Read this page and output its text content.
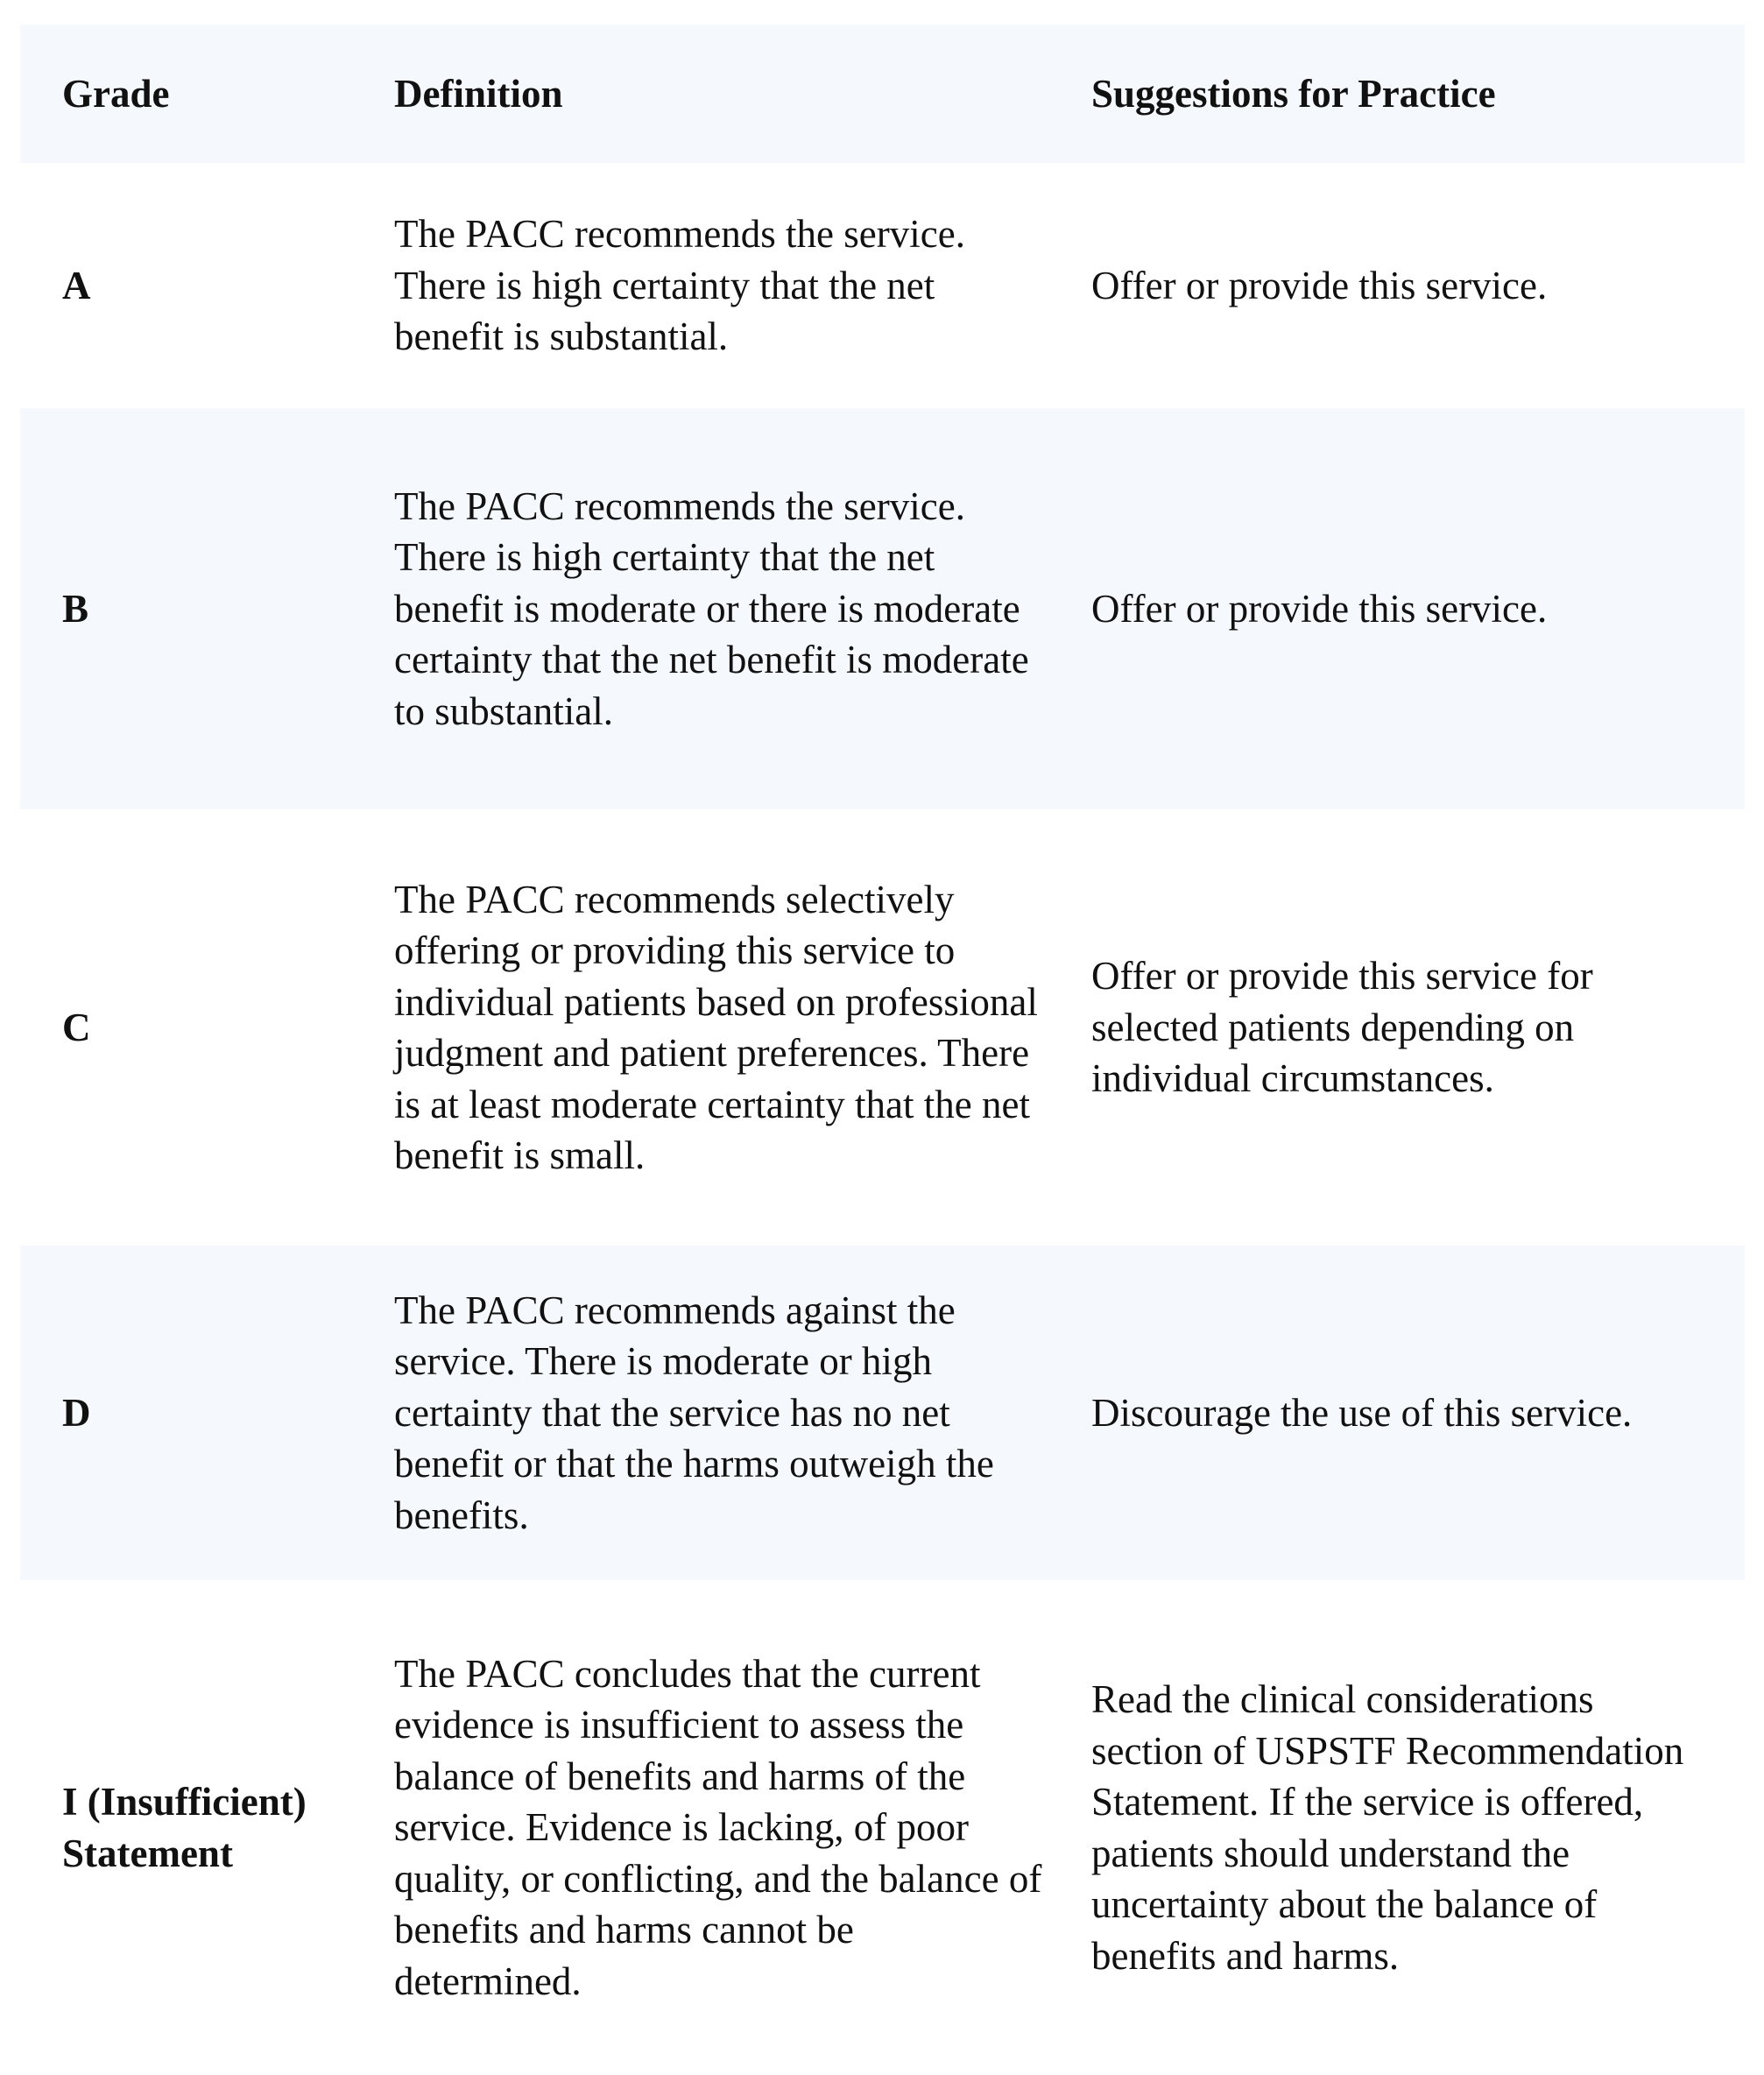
Grade	Definition	Suggestions for Practice
A	The PACC recommends the service. There is high certainty that the net benefit is substantial.	Offer or provide this service.
B	The PACC recommends the service. There is high certainty that the net benefit is moderate or there is moderate certainty that the net benefit is moderate to substantial.	Offer or provide this service.
C	The PACC recommends selectively offering or providing this service to individual patients based on professional judgment and patient preferences. There is at least moderate certainty that the net benefit is small.	Offer or provide this service for selected patients depending on individual circumstances.
D	The PACC recommends against the service. There is moderate or high certainty that the service has no net benefit or that the harms outweigh the benefits.	Discourage the use of this service.
I (Insufficient) Statement	The PACC concludes that the current evidence is insufficient to assess the balance of benefits and harms of the service. Evidence is lacking, of poor quality, or conflicting, and the balance of benefits and harms cannot be determined.	Read the clinical considerations section of USPSTF Recommendation Statement. If the service is offered, patients should understand the uncertainty about the balance of benefits and harms.
